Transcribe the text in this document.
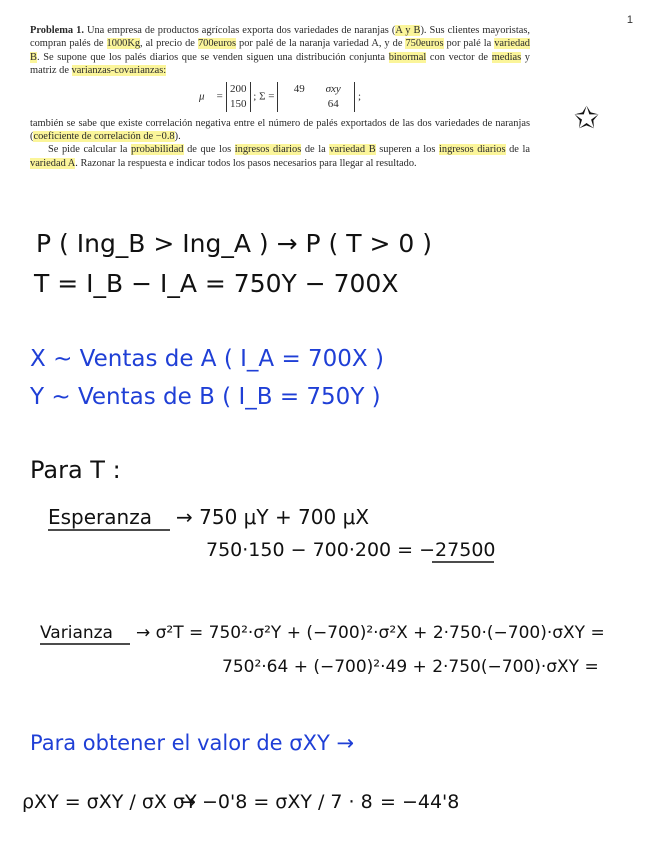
1

Problema 1. Una empresa de productos agrícolas exporta dos variedades de naranjas (A y B). Sus clientes mayoristas, compran palés de 1000Kg, al precio de 700euros por palé de la naranja variedad A, y de 750euros por palé la variedad B. Se supone que los palés diarios que se venden siguen una distribución conjunta binormal con vector de medias y matriz de varianzas-covarianzas:

μ⃗ = 200
150 ; Σ = 49 σxy
64 ;

también se sabe que existe correlación negativa entre el número de palés exportados de las dos variedades de naranjas (coeficiente de correlación de −0.8).

Se pide calcular la probabilidad de que los ingresos diarios de la variedad B superen a los ingresos diarios de la variedad A. Razonar la respuesta e indicar todos los pasos necesarios para llegar al resultado.

✩
P ( Ing_B > Ing_A ) → P ( T > 0 )
T = I_B − I_A = 750Y − 700X
X ~ Ventas de A ( I_A = 700X )
Y ~ Ventas de B ( I_B = 750Y )
Para T :
Esperanza → 750 μY + 700 μX
750·150 − 700·200 = −27500
Varianza → σ²T = 750²·σ²Y + (−700)²·σ²X + 2·750·(−700)·σXY =
750²·64 + (−700)²·49 + 2·750(−700)·σXY =
Para obtener el valor de σXY →
ρXY = σXY / σX σY
→ −0'8 = σXY / 7 · 8 = −44'8
